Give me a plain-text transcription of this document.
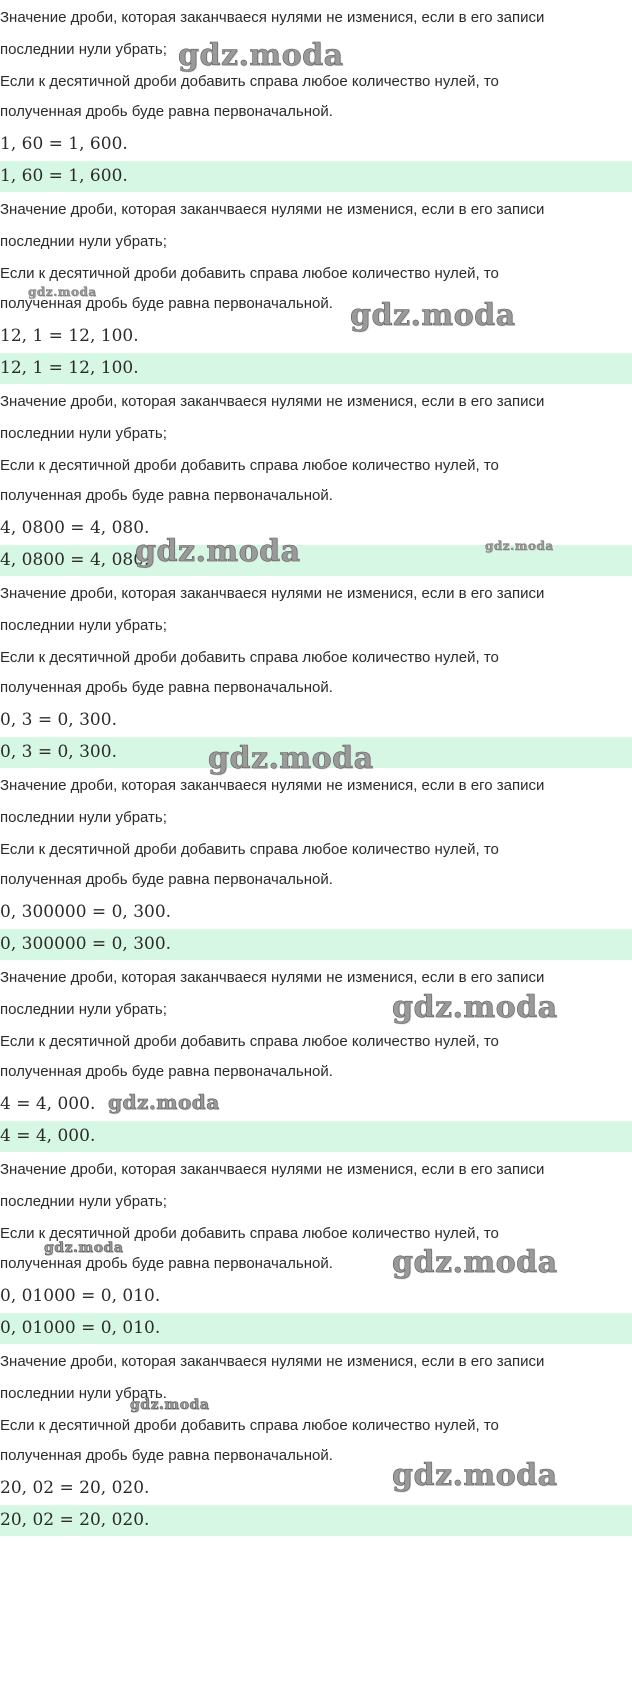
Значение дроби, которая заканчваеся нулями не изменися, если в его записи
последнии нули убрать;
Если к десятичной дроби добавить справа любое количество нулей, то
полученная дробь буде равна первоначальной.
1, 60 = 1, 600.
1, 60 = 1, 600.
gdz.moda
Значение дроби, которая заканчваеся нулями не изменися, если в его записи
последнии нули убрать;
Если к десятичной дроби добавить справа любое количество нулей, то
полученная дробь буде равна первоначальной.
12, 1 = 12, 100.
12, 1 = 12, 100.
gdz.moda
gdz.moda
Значение дроби, которая заканчваеся нулями не изменися, если в его записи
последнии нули убрать;
Если к десятичной дроби добавить справа любое количество нулей, то
полученная дробь буде равна первоначальной.
4, 0800 = 4, 080.
4, 0800 = 4, 080.
gdz.moda	gdz.moda
Значение дроби, которая заканчваеся нулями не изменися, если в его записи
последнии нули убрать;
Если к десятичной дроби добавить справа любое количество нулей, то
полученная дробь буде равна первоначальной.
0, 3 = 0, 300.
0, 3 = 0, 300.	gdz.moda
Значение дроби, которая заканчваеся нулями не изменися, если в его записи
последнии нули убрать;
Если к десятичной дроби добавить справа любое количество нулей, то
полученная дробь буде равна первоначальной.
0, 300000 = 0, 300.
0, 300000 = 0, 300.
Значение дроби, которая заканчваеся нулями не изменися, если в его записи
последнии нули убрать;
Если к десятичной дроби добавить справа любое количество нулей, то
полученная дробь буде равна первоначальной.
4 = 4, 000.
4 = 4, 000.
gdz.moda
gdz.moda
Значение дроби, которая заканчваеся нулями не изменися, если в его записи
последнии нули убрать;
Если к десятичной дроби добавить справа любое количество нулей, то
полученная дробь буде равна первоначальной.
0, 01000 = 0, 010.
0, 01000 = 0, 010.
gdz.moda	gdz.moda
Значение дроби, которая заканчваеся нулями не изменися, если в его записи
последнии нули убрать.
Если к десятичной дроби добавить справа любое количество нулей, то
полученная дробь буде равна первоначальной.
20, 02 = 20, 020.
20, 02 = 20, 020.
gdz.moda
gdz.moda
